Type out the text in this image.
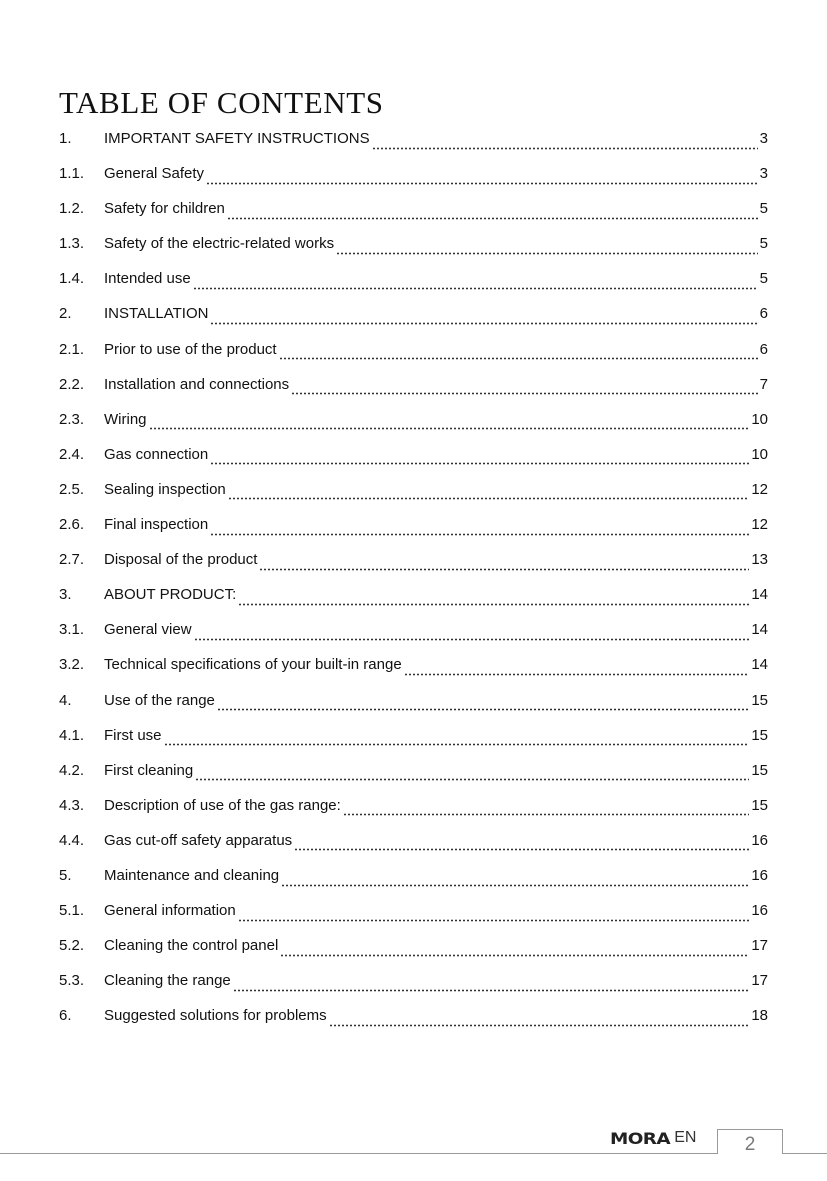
TABLE OF CONTENTS
1.	IMPORTANT SAFETY INSTRUCTIONS	3
1.1.	General Safety	3
1.2.	Safety for children	5
1.3.	Safety of the electric-related works	5
1.4.	Intended use	5
2.	INSTALLATION	6
2.1.	Prior to use of the product	6
2.2.	Installation and connections	7
2.3.	Wiring	10
2.4.	Gas connection	10
2.5.	Sealing inspection	12
2.6.	Final inspection	12
2.7.	Disposal of the product	13
3.	ABOUT PRODUCT:	14
3.1.	General view	14
3.2.	Technical specifications of your built-in range	14
4.	Use of the range	15
4.1.	First use	15
4.2.	First cleaning	15
4.3.	Description of use of the gas range:	15
4.4.	Gas cut-off safety apparatus	16
5.	Maintenance and cleaning	16
5.1.	General information	16
5.2.	Cleaning the control panel	17
5.3.	Cleaning the range	17
6.	Suggested solutions for problems	18
MORA EN	2
